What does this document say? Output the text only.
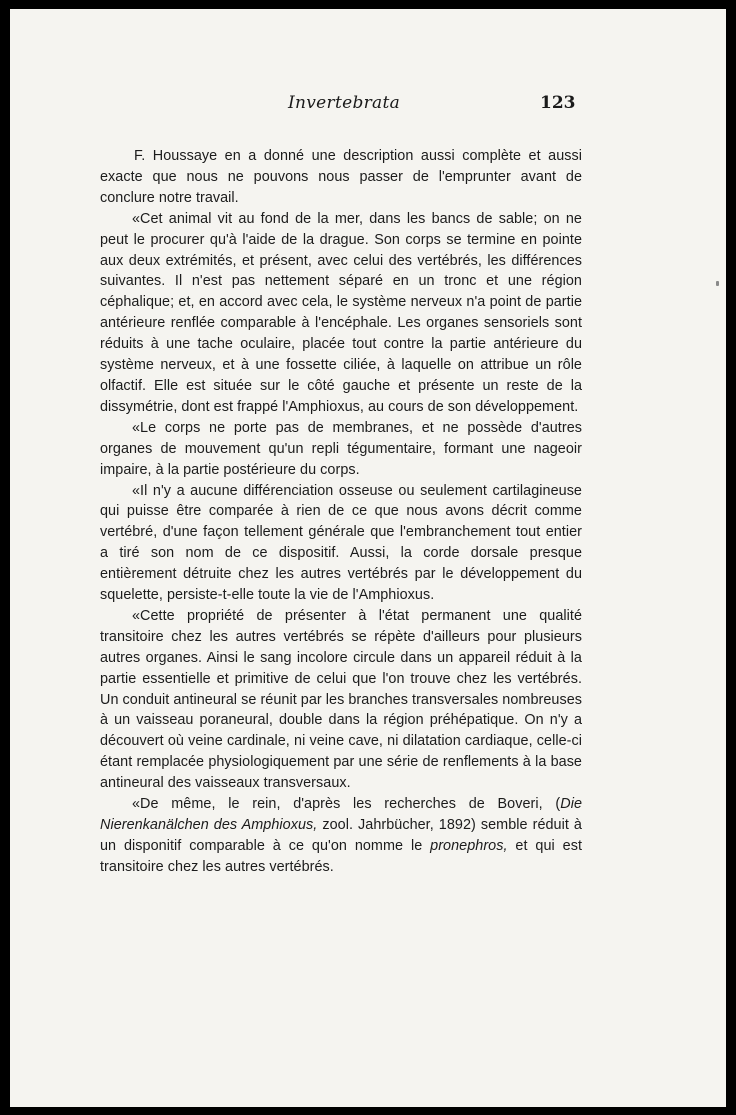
Invertebrata	123

F. Houssaye en a donné une description aussi complète et aussi exacte que nous ne pouvons nous passer de l'emprunter avant de conclure notre travail.

«Cet animal vit au fond de la mer, dans les bancs de sable; on ne peut le procurer qu'à l'aide de la drague. Son corps se termine en pointe aux deux extrémités, et présent, avec celui des vertébrés, les différences suivantes. Il n'est pas nettement séparé en un tronc et une région céphalique; et, en accord avec cela, le système nerveux n'a point de partie antérieure renflée comparable à l'encéphale. Les organes sensoriels sont réduits à une tache oculaire, placée tout contre la partie antérieure du système nerveux, et à une fossette ciliée, à laquelle on attribue un rôle olfactif. Elle est située sur le côté gauche et présente un reste de la dissymétrie, dont est frappé l'Amphioxus, au cours de son développement.

«Le corps ne porte pas de membranes, et ne possède d'autres organes de mouvement qu'un repli tégumentaire, formant une nageoir impaire, à la partie postérieure du corps.

«Il n'y a aucune différenciation osseuse ou seulement cartilagineuse qui puisse être comparée à rien de ce que nous avons décrit comme vertébré, d'une façon tellement générale que l'embranchement tout entier a tiré son nom de ce dispositif. Aussi, la corde dorsale presque entièrement détruite chez les autres vertébrés par le développement du squelette, persiste-t-elle toute la vie de l'Amphioxus.

«Cette propriété de présenter à l'état permanent une qualité transitoire chez les autres vertébrés se répète d'ailleurs pour plusieurs autres organes. Ainsi le sang incolore circule dans un appareil réduit à la partie essentielle et primitive de celui que l'on trouve chez les vertébrés. Un conduit antineural se réunit par les branches transversales nombreuses à un vaisseau poraneural, double dans la région préhépatique. On n'y a découvert où veine cardinale, ni veine cave, ni dilatation cardiaque, celle-ci étant remplacée physiologiquement par une série de renflements à la base antineural des vaisseaux transversaux.

«De même, le rein, d'après les recherches de Boveri, (Die Nierenkanälchen des Amphioxus, zool. Jahrbücher, 1892) semble réduit à un disponitif comparable à ce qu'on nomme le pronephros, et qui est transitoire chez les autres vertébrés.
